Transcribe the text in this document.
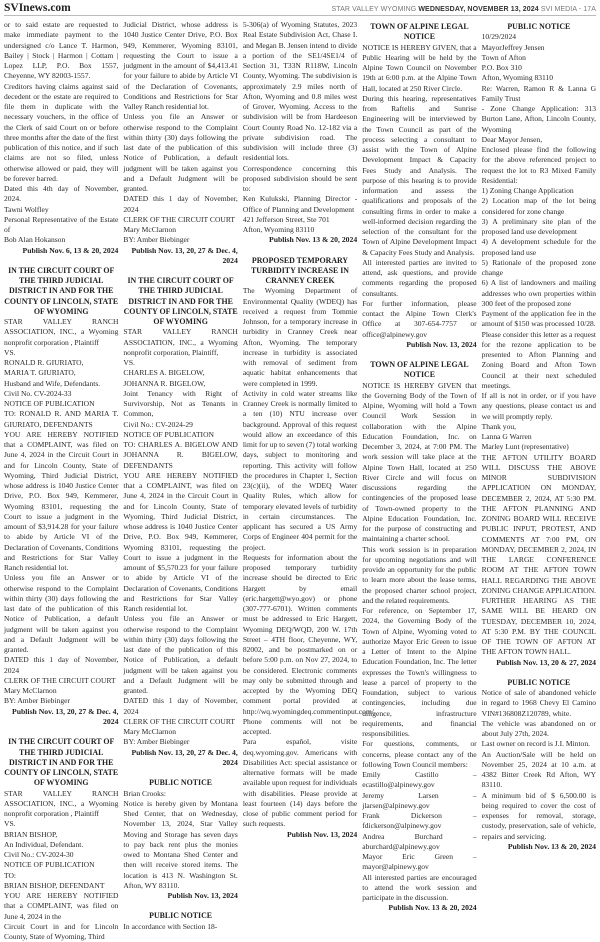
SVInews.com	STAR VALLEY WYOMING WEDNESDAY, NOVEMBER 13, 2024 SVI MEDIA - 17A

or to said estate are requested to make immediate payment to the undersigned c/o Lance T. Harmon, Bailey | Stock | Harmon | Cottam | Lopez LLP, P.O. Box 1557, Cheyenne, WY 82003-1557.

Creditors having claims against said decedent or the estate are required to file them in duplicate with the necessary vouchers, in the office of the Clerk of said Court on or before three months after the date of the first publication of this notice, and if such claims are not so filed, unless otherwise allowed or paid, they will be forever barred.

Dated this 4th day of November, 2024.

Tawni Wolfley

Personal Representative of the Estate of

Bob Alan Hokanson

Publish Nov. 6, 13 & 20, 2024

IN THE CIRCUIT COURT OF THE THIRD JUDICIAL DISTRICT IN AND FOR THE COUNTY OF LINCOLN, STATE OF WYOMING

STAR VALLEY RANCH ASSOCIATION, INC., a Wyoming nonprofit corporation , Plaintiff

VS.

RONALD R. GIURIATO,

MARIA T. GIURIATO,

Husband and Wife, Defendants.

Civil No. CV-2024-33

NOTICE OF PUBLICATION

TO: RONALD R. AND MARIA T. GIURIATO, DEFENDANTS

YOU ARE HEREBY NOTIFIED that a COMPLAINT, was filed on June 4, 2024 in the Circuit Court in and for Lincoln County, State of Wyoming, Third Judicial District, whose address is 1040 Justice Center Drive, P.O. Box 949, Kemmerer, Wyoming 83101, requesting the Court to issue a judgment in the amount of $3,914.28 for your failure to abide by Article VI of the Declaration of Covenants, Conditions and Restrictions for Star Valley Ranch residential lot.

Unless you file an Answer or otherwise respond to the Complaint within thirty (30) days following the last date of the publication of this Notice of Publication, a default judgment will be taken against you and a Default Judgment will be granted.

DATED this 1 day of November, 2024

CLERK OF THE CIRCUIT COURT

Mary McClarnon

BY: Amber Biebinger

Publish Nov. 13, 20, 27 & Dec. 4, 2024

IN THE CIRCUIT COURT OF THE THIRD JUDICIAL DISTRICT IN AND FOR THE COUNTY OF LINCOLN, STATE OF WYOMING

STAR VALLEY RANCH ASSOCIATION, INC., a Wyoming nonprofit corporation , Plaintiff

VS.

BRIAN BISHOP,

An Individual, Defendant.

Civil No.: CV-2024-30

NOTICE OF PUBLICATION

TO:

BRIAN BISHOP, DEFENDANT

YOU ARE HEREBY NOTIFIED that a COMPLAINT, was filed on June 4, 2024 in the

Circuit Court in and for Lincoln County, State of Wyoming, Third

Judicial District, whose address is 1040 Justice Center Drive, P.O. Box 949, Kemmerer, Wyoming 83101, requesting the Court to issue a judgment in the amount of $4,413.41 for your failure to abide by Article VI of the Declaration of Covenants, Conditions and Restrictions for Star Valley Ranch residential lot.

Unless you file an Answer or otherwise respond to the Complaint within thirty (30) days following the last date of the publication of this Notice of Publication, a default judgment will be taken against you and a Default Judgment will be granted.

DATED this 1 day of November, 2024

CLERK OF THE CIRCUIT COURT

Mary McClarnon

BY: Amber Biebinger

Publish Nov. 13, 20, 27 & Dec. 4, 2024

IN THE CIRCUIT COURT OF THE THIRD JUDICIAL DISTRICT IN AND FOR THE COUNTY OF LINCOLN, STATE OF WYOMING

STAR VALLEY RANCH ASSOCIATION, INC., a Wyoming nonprofit corporation, Plaintiff,

VS.

CHARLES A. BIGELOW,

JOHANNA R. BIGELOW,

Joint Tenancy with Right of Survivorship, Not as Tenants in Common,

Civil No.: CV-2024-29

NOTICE OF PUBLICATION

TO: CHARLES A. BIGELOW AND JOHANNA R. BIGELOW, DEFENDANTS

YOU ARE HEREBY NOTIFIED that a COMPLAINT, was filed on June 4, 2024 in the Circuit Court in and for Lincoln County, State of Wyoming, Third Judicial District, whose address is 1040 Justice Center Drive, P.O. Box 949, Kemmerer, Wyoming 83101, requesting the Court to issue a judgment in the amount of $5,570.23 for your failure to abide by Article VI of the Declaration of Covenants, Conditions and Restrictions for Star Valley Ranch residential lot.

Unless you file an Answer or otherwise respond to the Complaint within thirty (30) days following the last date of the publication of this Notice of Publication, a default judgment will be taken against you and a Default Judgment will be granted.

DATED this 1 day of November, 2024

CLERK OF THE CIRCUIT COURT

Mary McClarnon

BY: Amber Biebinger

Publish Nov. 13, 20, 27 & Dec. 4, 2024

PUBLIC NOTICE

Brian Crooks:

Notice is hereby given by Montana Shed Center, that on Wednesday, November 13, 2024, Star Valley Moving and Storage has seven days to pay back rent plus the monies owed to Montana Shed Center and then will receive stored items. The location is 413 N. Washington St. Afton, WY 83110.

Publish Nov. 13, 2024

PUBLIC NOTICE

In accordance with Section 18-

5-306(a) of Wyoming Statutes, 2023 Real Estate Subdivision Act, Chase I. and Megan B. Jensen intend to divide a portion of the SE1/4SE1/4 of Section 31, T33N R118W, Lincoln County, Wyoming. The subdivision is approximately 2.9 miles north of Afton, Wyoming and 0.8 miles west of Grover, Wyoming. Access to the subdivision will be from Hardeeson Court County Road No. 12-182 via a private subdivision road. The subdivision will include three (3) residential lots.

Correspondence concerning this proposed subdivision should be sent to:

Ken Kulukski, Planning Director - Office of Planning and Development

421 Jefferson Street, Ste 701

Afton, Wyoming 83110

Publish Nov. 13 & 20, 2024

PROPOSED TEMPORARY TURBIDITY INCREASE IN CRANNEY CREEK

The Wyoming Department of Environmental Quality (WDEQ) has received a request from Tommie Johnson, for a temporary increase in turbidity in Cranney Creek near Afton, Wyoming. The temporary increase in turbidity is associated with removal of sediment from aquatic habitat enhancements that were completed in 1999.

Activity in cold water streams like Cranney Creek is normally limited to a ten (10) NTU increase over background. Approval of this request would allow an exceedance of this limit for up to seven (7) total working days, subject to monitoring and reporting. This activity will follow the procedures in Chapter 1, Section 23(c)(ii), of the WDEQ Water Quality Rules, which allow for temporary elevated levels of turbidity in certain circumstances. The applicant has secured a US Army Corps of Engineer 404 permit for the project.

Requests for information about the proposed temporary turbidity increase should be directed to Eric Hargett by email (eric.hargett@wyo.gov) or phone (307-777-6701). Written comments must be addressed to Eric Hargett, Wyoming DEQ/WQD, 200 W. 17th Street – 4TH floor, Cheyenne, WY, 82002, and be postmarked on or before 5:00 p.m. on Nov 27, 2024, to be considered. Electronic comments may only be submitted through and accepted by the Wyoming DEQ comment portal provided at http://wq.wyomingdeq.commentinput.com/. Phone comments will not be accepted.

Para español, visite deq.wyoming.gov. Americans with Disabilities Act: special assistance or alternative formats will be made available upon request for individuals with disabilities. Please provide at least fourteen (14) days before the close of public comment period for such requests.

Publish Nov. 13, 2024

TOWN OF ALPINE LEGAL NOTICE

NOTICE IS HEREBY GIVEN, that a Public Hearing will be held by the Alpine Town Council on November 19th at 6:00 p.m. at the Alpine Town Hall, located at 250 River Circle.

During this hearing, representatives from Raftelis and Sunrise Engineering will be interviewed by the Town Council as part of the process selecting a consultant to assist with the Town of Alpine Development Impact & Capacity Fees Study and Analysis. The purpose of this hearing is to provide information and assess the qualifications and proposals of the consulting firms in order to make a well-informed decision regarding the selection of the consultant for the Town of Alpine Development Impact & Capacity Fees Study and Analysis.

All interested parties are invited to attend, ask questions, and provide comments regarding the proposed consultants.

For further information, please contact the Alpine Town Clerk's Office at 307-654-7757 or office@alpinewy.gov

Publish Nov. 13, 2024

TOWN OF ALPINE LEGAL NOTICE

NOTICE IS HEREBY GIVEN that the Governing Body of the Town of Alpine, Wyoming will hold a Town Council Work Session in collaboration with the Alpine Education Foundation, Inc. on December 3, 2024, at 7:00 PM. The work session will take place at the Alpine Town Hall, located at 250 River Circle and will focus on discussions regarding the contingencies of the proposed lease of Town-owned property to the Alpine Education Foundation, Inc. for the purpose of constructing and maintaining a charter school.

This work session is in preparation for upcoming negotiations and will provide an opportunity for the public to learn more about the lease terms, the proposed charter school project, and the related requirements.

For reference, on September 17, 2024, the Governing Body of the Town of Alpine, Wyoming voted to authorize Mayor Eric Green to issue a Letter of Intent to the Alpine Education Foundation, Inc. The letter expresses the Town's willingness to lease a parcel of property to the Foundation, subject to various contingencies, including due diligence, infrastructure requirements, and financial responsibilities.

For questions, comments, or concerns, please contact any of the following Town Council members:

Emily Castillo – ecastillo@alpinewy.gov

Jeremy Larsen – jlarsen@alpinewy.gov

Frank Dickerson – fdickerson@alpinewy.gov

Andrea Burchard – aburchard@alpinewy.gov

Mayor Eric Green – mayor@alpinewy.gov

All interested parties are encouraged to attend the work session and participate in the discussion.

Publish Nov. 13 & 20, 2024

PUBLIC NOTICE

10/29/2024

MayorJeffrey Jensen

Town of Afton

P.O. Box 310

Afton, Wyoming 83110

Re: Warren, Ramon R & Lanna G Family Trust

- Zone Change Application: 313 Burton Lane, Afton, Lincoln County, Wyoming

Dear Mayor Jensen,

Enclosed please find the following for the above referenced project to request the lot to R3 Mixed Family Residential:

1) Zoning Change Application

2) Location map of the lot being considered for zone change

3) A preliminary site plan of the proposed land use development

4) A development schedule for the proposed land use

5) Rationale of the proposed zone change

6) A list of landowners and mailing addresses who own properties within 300 feet of the proposed zone

Payment of the application fee in the amount of $150 was processed 10/28.

Please consider this letter as a request for the rezone application to be presented to Afton Planning and Zoning Board and Afton Town Council at their next scheduled meetings.

If all is not in order, or if you have any questions, please contact us and we will promptly reply.

Thank you,

Lanna G Warren

Marley Lunt (representative)

THE AFTON UTILITY BOARD WILL DISCUSS THE ABOVE MINOR SUBDIVISION APPLICATION ON MONDAY, DECEMBER 2, 2024, AT 5:30 PM. THE AFTON PLANNING AND ZONING BOARD WILL RECEIVE PUBLIC INPUT, PROTEST, AND COMMENTS AT 7:00 PM, ON MONDAY, DECEMBER 2, 2024, IN THE LARGE CONFERENCE ROOM AT THE AFTON TOWN HALL REGARDING THE ABOVE ZONING CHANGE APPLICATION. FURTHER HEARING AS THE SAME WILL BE HEARD ON TUESDAY, DECEMBER 10, 2024, AT 5:30 P.M. BY THE COUNCIL OF THE TOWN OF AFTON AT THE AFTON TOWN HALL.

Publish Nov. 13, 20 & 27, 2024

PUBLIC NOTICE

Notice of sale of abandoned vehicle in regard to 1968 Chevy El Camino VIN#136808Z120789, white.

The vehicle was abandoned on or about July 27th, 2024.

Last owner on record is J.I. Minton.

An Auction/Sale will be held on November 25, 2024 at 10 a.m. at 4382 Bitter Creek Rd Afton, WY 83110.

A minimum bid of $ 6,500.00 is being required to cover the cost of expenses for removal, storage, custody, preservation, sale of vehicle, repairs and servicing.

Publish Nov. 13 & 20, 2024
